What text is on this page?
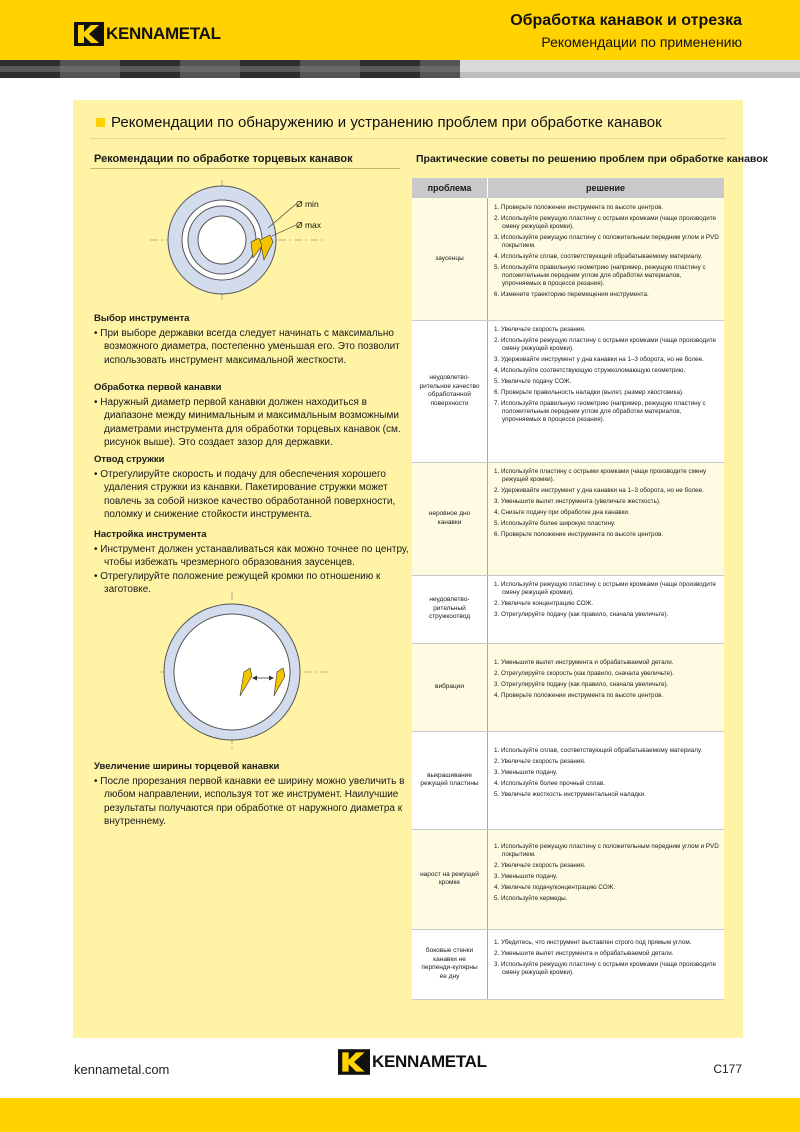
KENNAMETAL
Обработка канавок и отрезка
Рекомендации по применению
Рекомендации по обнаружению и устранению проблем при обработке канавок
Рекомендации по обработке торцевых канавок
Ø min
Ø max
Выбор инструмента

• При выборе державки всегда следует начинать с максимально возможного диаметра, постепенно уменьшая его. Это позволит использовать инструмент максимальной жесткости.

Обработка первой канавки

• Наружный диаметр первой канавки должен находиться в диапазоне между минимальным и максимальным возможными диаметрами инструмента для обработки торцевых канавок (см. рисунок выше). Это создает зазор для державки.

Отвод стружки

• Отрегулируйте скорость и подачу для обеспечения хорошего удаления стружки из канавки. Пакетирование стружки может повлечь за собой низкое качество обработанной поверхности, поломку и снижение стойкости инструмента.

Настройка инструмента

• Инструмент должен устанавливаться как можно точнее по центру, чтобы избежать чрезмерного образования заусенцев.

• Отрегулируйте положение режущей кромки по отношению к заготовке.

Увеличение ширины торцевой канавки

• После прорезания первой канавки ее ширину можно увеличить в любом направлении, используя тот же инструмент. Наилучшие результаты получаются при обработке от наружного диаметра к внутреннему.

Практические советы по решению проблем при обработке канавок
проблема	решение
заусенцы
1. Проверьте положение инструмента по высоте центров.
2. Используйте режущую пластину с острыми кромками (чаще производите смену режущей кромки).
3. Используйте режущую пластину с положительным передним углом и PVD покрытием.
4. Используйте сплав, соответствующий обрабатываемому материалу.
5. Используйте правильную геометрию (например, режущую пластину с положительным передним углом для обработки материалов, упрочняемых в процессе резания).
6. Измените траекторию перемещения инструмента.
неудовлетво-рительное качество обработанной поверхности
1. Увеличьте скорость резания.
2. Используйте режущую пластину с острыми кромками (чаще производите смену режущей кромки).
3. Удерживайте инструмент у дна канавки на 1–3 оборота, но не более.
4. Используйте соответствующую стружколомающую геометрию.
5. Увеличьте подачу СОЖ.
6. Проверьте правильность наладки (вылет, размер хвостовика).
7. Используйте правильную геометрию (например, режущую пластину с положительным передним углом для обработки материалов, упрочняемых в процессе резания).
неровное дно канавки
1. Используйте пластину с острыми кромками (чаще производите смену режущей кромки).
2. Удерживайте инструмент у дна канавки на 1–3 оборота, но не более.
3. Уменьшите вылет инструмента (увеличьте жесткость).
4. Снизьте подачу при обработке дна канавки.
5. Используйте более широкую пластину.
6. Проверьте положение инструмента по высоте центров.
неудовлетво-рительный стружкоотвод
1. Используйте режущую пластину с острыми кромками (чаще производите смену режущей кромки).
2. Увеличьте концентрацию СОЖ.
3. Отрегулируйте подачу (как правило, сначала увеличьте).
вибрации
1. Уменьшите вылет инструмента и обрабатываемой детали.
2. Отрегулируйте скорость (как правило, сначала увеличьте).
3. Отрегулируйте подачу (как правило, сначала увеличьте).
4. Проверьте положение инструмента по высоте центров.
выкрашивание режущей пластины
1. Используйте сплав, соответствующий обрабатываемому материалу.
2. Увеличьте скорость резания.
3. Уменьшите подачу.
4. Используйте более прочный сплав.
5. Увеличьте жесткость инструментальной наладки.
нарост на режущей кромке
1. Используйте режущую пластину с положительным передним углом и PVD покрытием.
2. Увеличьте скорость резания.
3. Уменьшите подачу.
4. Увеличьте подачу/концентрацию СОЖ.
5. Используйте кермеды.
боковые стенки канавки не перпенди-кулярны ее дну
1. Убедитесь, что инструмент выставлен строго под прямым углом.
2. Уменьшите вылет инструмента и обрабатываемой детали.
3. Используйте режущую пластину с острыми кромками (чаще производите смену режущей кромки).
kennametal.com	KENNAMETAL	C177
